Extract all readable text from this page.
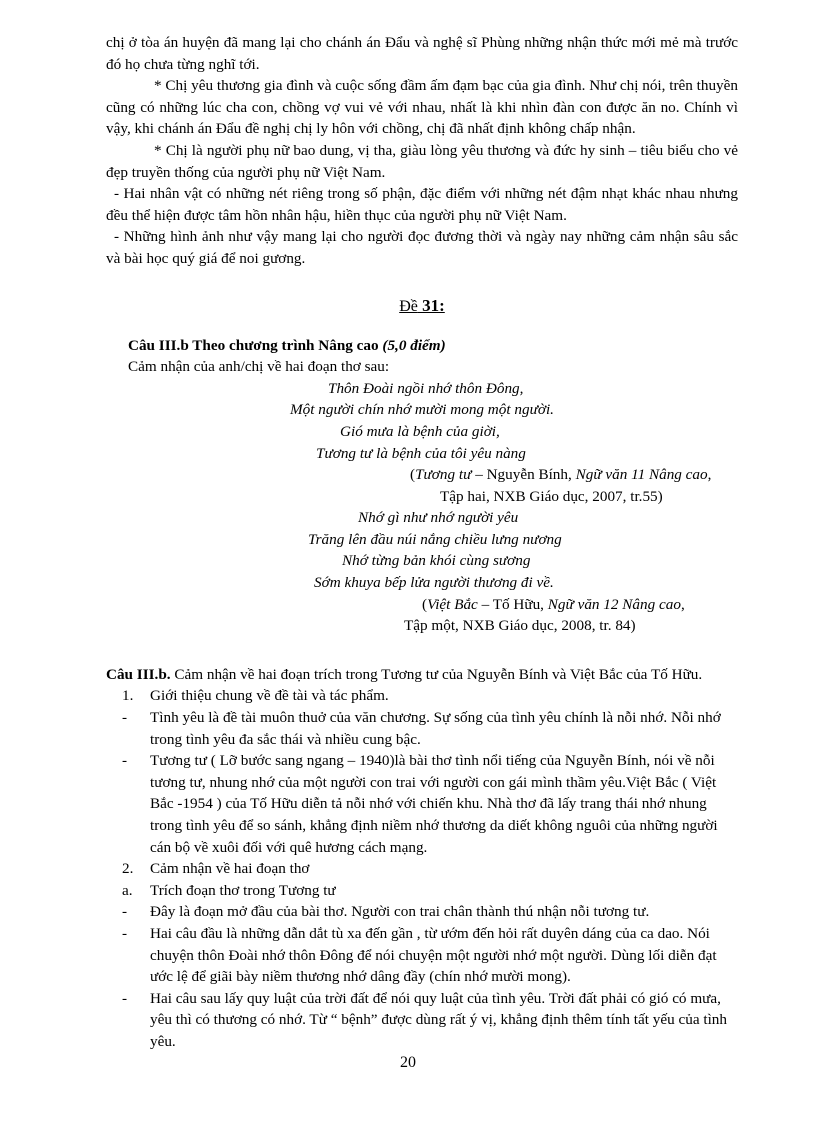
chị ở tòa án huyện đã mang lại cho chánh án Đẩu và nghệ sĩ Phùng những nhận thức mới mẻ mà trước đó họ chưa từng nghĩ tới.

* Chị yêu thương gia đình và cuộc sống đầm ấm đạm bạc của gia đình. Như chị nói, trên thuyền cũng có những lúc cha con, chồng vợ vui vẻ với nhau, nhất là khi nhìn đàn con được ăn no. Chính vì vậy, khi chánh án Đẩu đề nghị chị ly hôn với chồng, chị đã nhất định không chấp nhận.

* Chị là người phụ nữ bao dung, vị tha, giàu lòng yêu thương và đức hy sinh – tiêu biểu cho vẻ đẹp truyền thống của người phụ nữ Việt Nam.

- Hai nhân vật có những nét riêng trong số phận, đặc điểm với những nét đậm nhạt khác nhau nhưng đều thể hiện được tâm hồn nhân hậu, hiền thục của người phụ nữ Việt Nam.

- Những hình ảnh như vậy mang lại cho người đọc đương thời và ngày nay những cảm nhận sâu sắc và bài học quý giá để noi gương.

Đề 31:

Câu III.b Theo chương trình Nâng cao (5,0 điểm)

Cảm nhận của anh/chị về hai đoạn thơ sau:

Thôn Đoài ngồi nhớ thôn Đông,
Một người chín nhớ mười mong một người.
Gió mưa là bệnh của giời,
Tương tư là bệnh của tôi yêu nàng

(Tương tư – Nguyễn Bính, Ngữ văn 11 Nâng cao,

Tập hai, NXB Giáo dục, 2007, tr.55)

Nhớ gì như nhớ người yêu
Trăng lên đầu núi nắng chiều lưng nương
Nhớ từng bản khói cùng sương
Sớm khuya bếp lửa người thương đi về.

(Việt Bắc – Tố Hữu, Ngữ văn 12 Nâng cao,

Tập một, NXB Giáo dục, 2008, tr. 84)

Câu III.b. Cảm nhận về hai đoạn trích trong Tương tư của Nguyễn Bính và Việt Bắc của Tố Hữu.

1.	Giới thiệu chung về đề tài và tác phẩm.
-	Tình yêu là đề tài muôn thuở của văn chương. Sự sống của tình yêu chính là nỗi nhớ. Nỗi nhớ trong tình yêu đa sắc thái và nhiều cung bậc.
-	Tương tư ( Lỡ bước sang ngang – 1940)là bài thơ tình nổi tiếng của Nguyễn Bính, nói về nỗi tương tư, nhung nhớ của một người con trai với người con gái mình thầm yêu.Việt Bắc ( Việt Bắc -1954 ) của Tố Hữu diễn tả nỗi nhớ với chiến khu. Nhà thơ đã lấy trang thái nhớ nhung trong tình yêu để so sánh, khẳng định niềm nhớ thương da diết không nguôi của những người cán bộ về xuôi đối với quê hương cách mạng.
2.	Cảm nhận về hai đoạn thơ
a.	Trích đoạn thơ trong Tương tư
-	Đây là đoạn mở đầu của bài thơ. Người con trai chân thành thú nhận nỗi tương tư.
-	Hai câu đầu là những dẫn dắt tù xa đến gần , từ ướm đến hỏi rất duyên dáng của ca dao. Nói chuyện thôn Đoài nhớ thôn Đông để nói chuyện một người nhớ một người. Dùng lối diễn đạt ước lệ để giãi bày niềm thương nhớ dâng đầy (chín nhớ mười mong).
-	Hai câu sau lấy quy luật của trời đất để nói quy luật của tình yêu. Trời đất phải có gió có mưa, yêu thì có thương có nhớ. Từ “ bệnh” được dùng rất ý vị, khẳng định thêm tính tất yếu của tình yêu.
20
